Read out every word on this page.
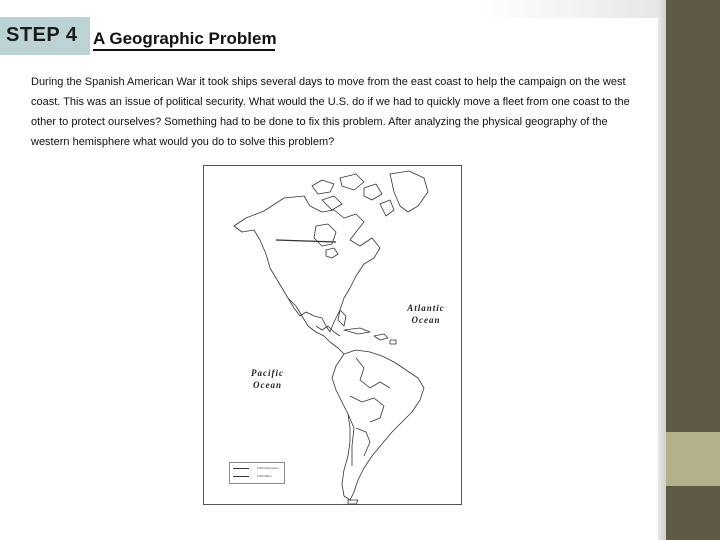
STEP 4 A Geographic Problem
During the Spanish American War it took ships several days to move from the east coast to help the campaign on the west coast. This was an issue of political security. What would the U.S. do if we had to quickly move a fleet from one coast to the other to protect ourselves? Something had to be done to fix this problem. After analyzing the physical geography of the western hemisphere what would you do to solve this problem?
Atlantic
Ocean
Pacific
Ocean
1000 Kilometers
1000 Miles
